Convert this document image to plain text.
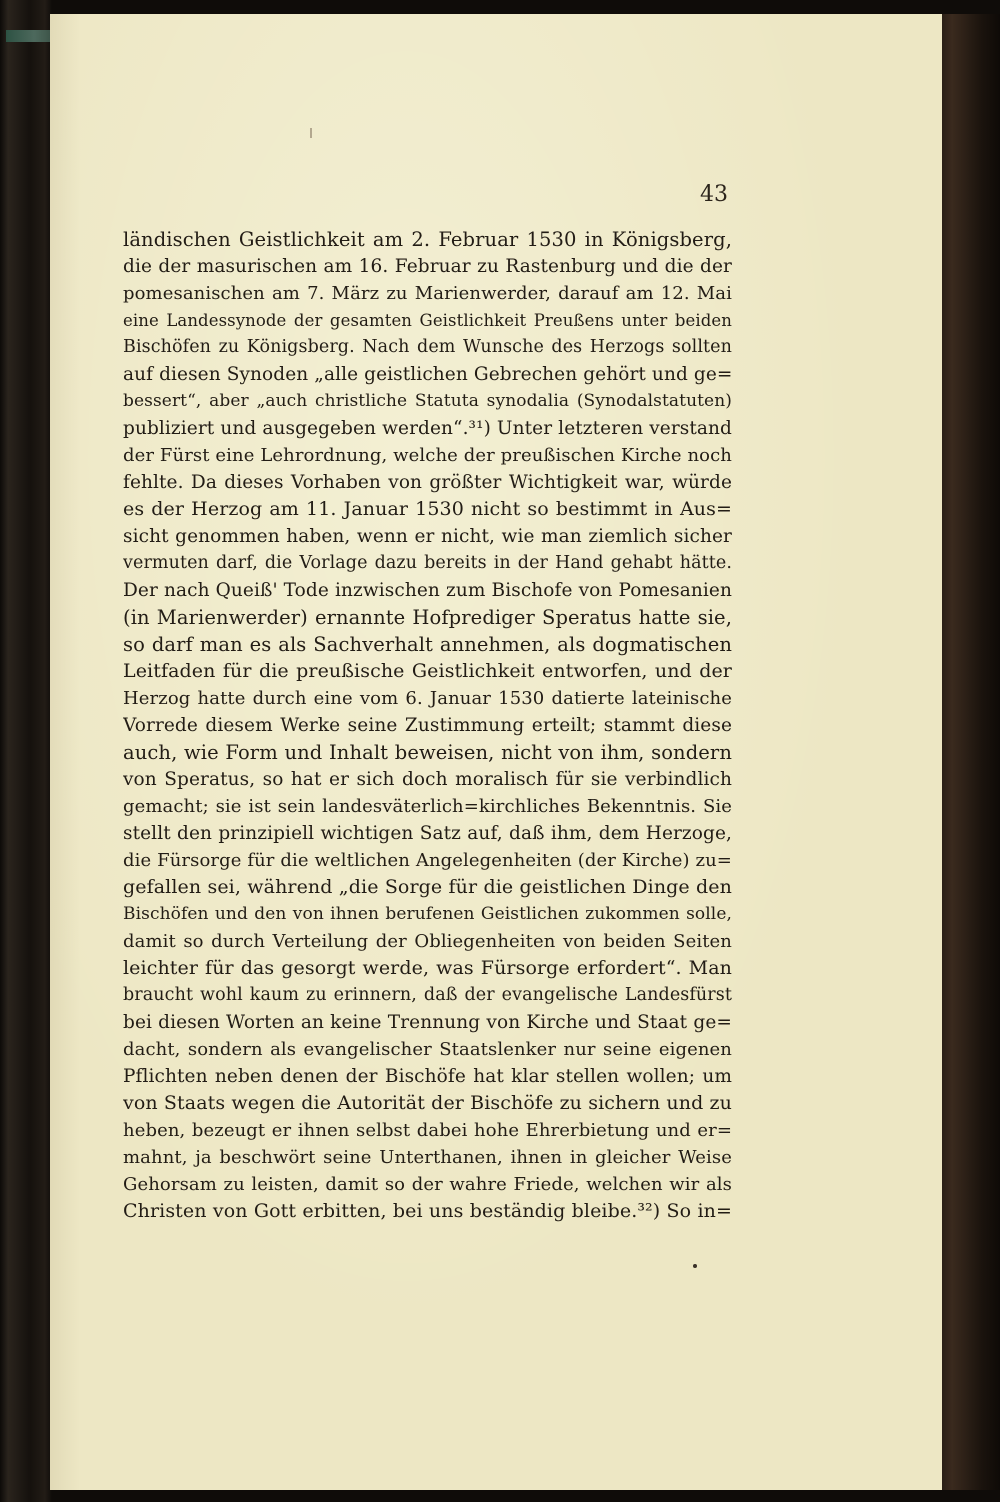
43
ländischen Geistlichkeit am 2. Februar 1530 in Königsberg,
die der masurischen am 16. Februar zu Rastenburg und die der
pomesanischen am 7. März zu Marienwerder, darauf am 12. Mai
eine Landessynode der gesamten Geistlichkeit Preußens unter beiden
Bischöfen zu Königsberg. Nach dem Wunsche des Herzogs sollten
auf diesen Synoden „alle geistlichen Gebrechen gehört und ge=
bessert“, aber „auch christliche Statuta synodalia (Synodalstatuten)
publiziert und ausgegeben werden“.³¹) Unter letzteren verstand
der Fürst eine Lehrordnung, welche der preußischen Kirche noch
fehlte. Da dieses Vorhaben von größter Wichtigkeit war, würde
es der Herzog am 11. Januar 1530 nicht so bestimmt in Aus=
sicht genommen haben, wenn er nicht, wie man ziemlich sicher
vermuten darf, die Vorlage dazu bereits in der Hand gehabt hätte.
Der nach Queiß' Tode inzwischen zum Bischofe von Pomesanien
(in Marienwerder) ernannte Hofprediger Speratus hatte sie,
so darf man es als Sachverhalt annehmen, als dogmatischen
Leitfaden für die preußische Geistlichkeit entworfen, und der
Herzog hatte durch eine vom 6. Januar 1530 datierte lateinische
Vorrede diesem Werke seine Zustimmung erteilt; stammt diese
auch, wie Form und Inhalt beweisen, nicht von ihm, sondern
von Speratus, so hat er sich doch moralisch für sie verbindlich
gemacht; sie ist sein landesväterlich=kirchliches Bekenntnis. Sie
stellt den prinzipiell wichtigen Satz auf, daß ihm, dem Herzoge,
die Fürsorge für die weltlichen Angelegenheiten (der Kirche) zu=
gefallen sei, während „die Sorge für die geistlichen Dinge den
Bischöfen und den von ihnen berufenen Geistlichen zukommen solle,
damit so durch Verteilung der Obliegenheiten von beiden Seiten
leichter für das gesorgt werde, was Fürsorge erfordert“. Man
braucht wohl kaum zu erinnern, daß der evangelische Landesfürst
bei diesen Worten an keine Trennung von Kirche und Staat ge=
dacht, sondern als evangelischer Staatslenker nur seine eigenen
Pflichten neben denen der Bischöfe hat klar stellen wollen; um
von Staats wegen die Autorität der Bischöfe zu sichern und zu
heben, bezeugt er ihnen selbst dabei hohe Ehrerbietung und er=
mahnt, ja beschwört seine Unterthanen, ihnen in gleicher Weise
Gehorsam zu leisten, damit so der wahre Friede, welchen wir als
Christen von Gott erbitten, bei uns beständig bleibe.³²) So in=
